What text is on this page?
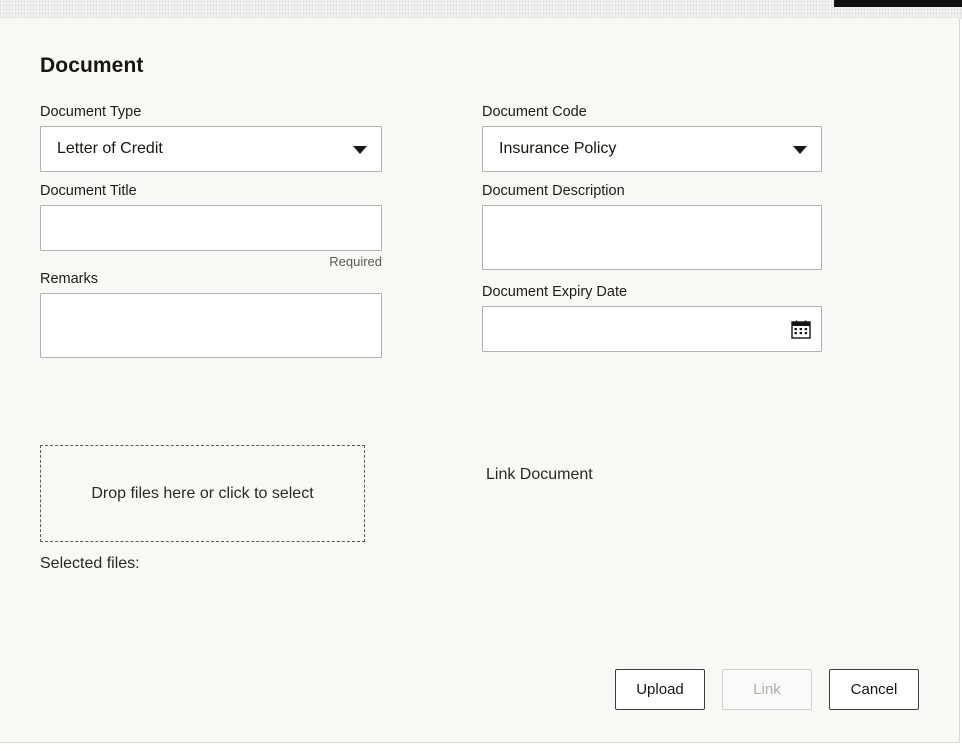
Document
Document Type
Letter of Credit
Document Title
Required
Remarks
Document Code
Insurance Policy
Document Description
Document Expiry Date
Drop files here or click to select
Selected files:
Link Document
Upload	Link	Cancel
